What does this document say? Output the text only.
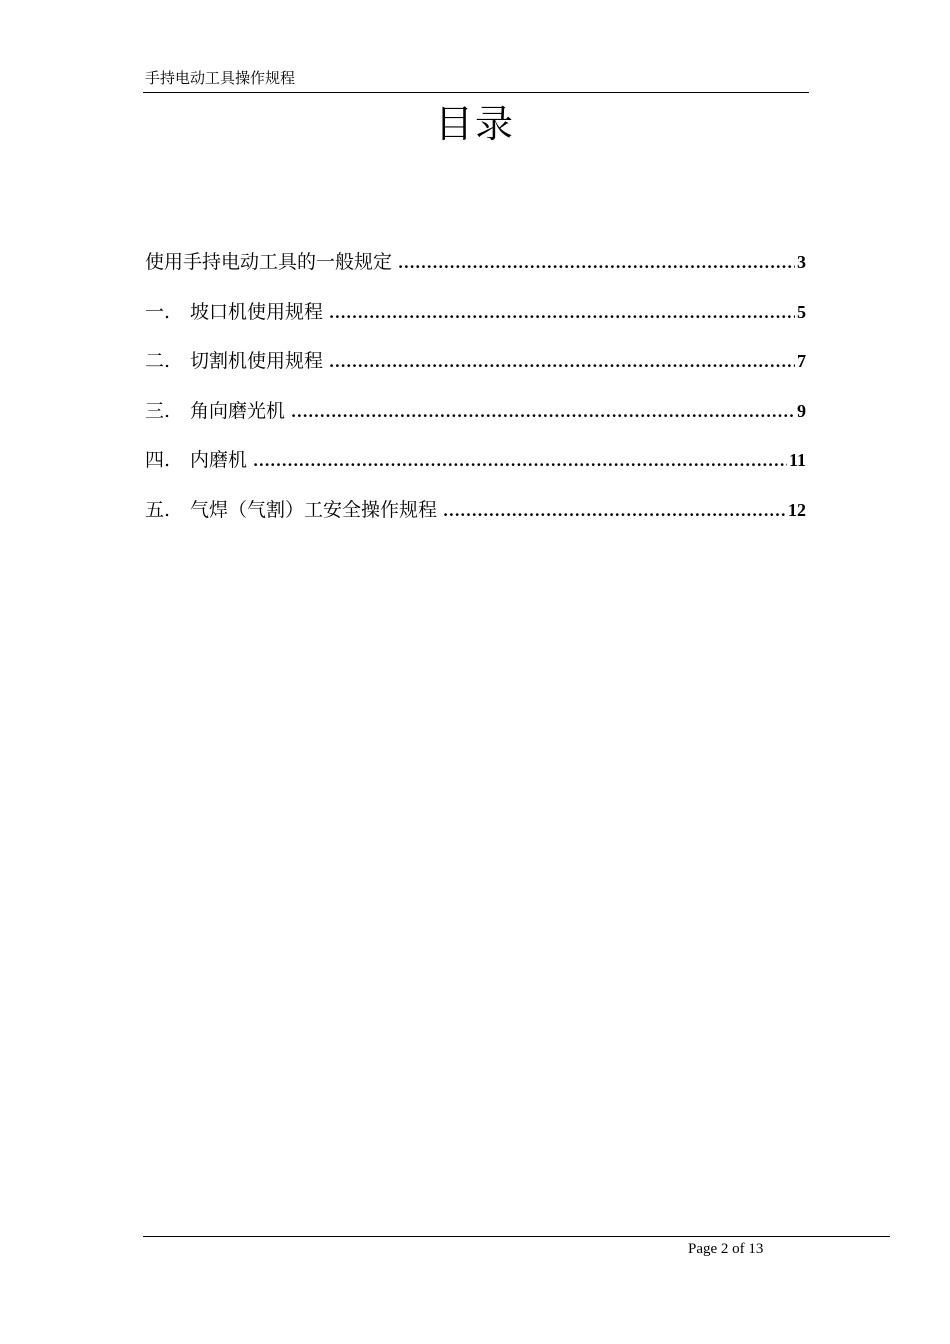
手持电动工具操作规程
目录
使用手持电动工具的一般规定 .....	3
一.	坡口机使用规程 .....	5
二.	切割机使用规程 .....	7
三.	角向磨光机 .....	9
四.	内磨机 .....	11
五.	气焊（气割）工安全操作规程 .....	12
Page 2 of 13
